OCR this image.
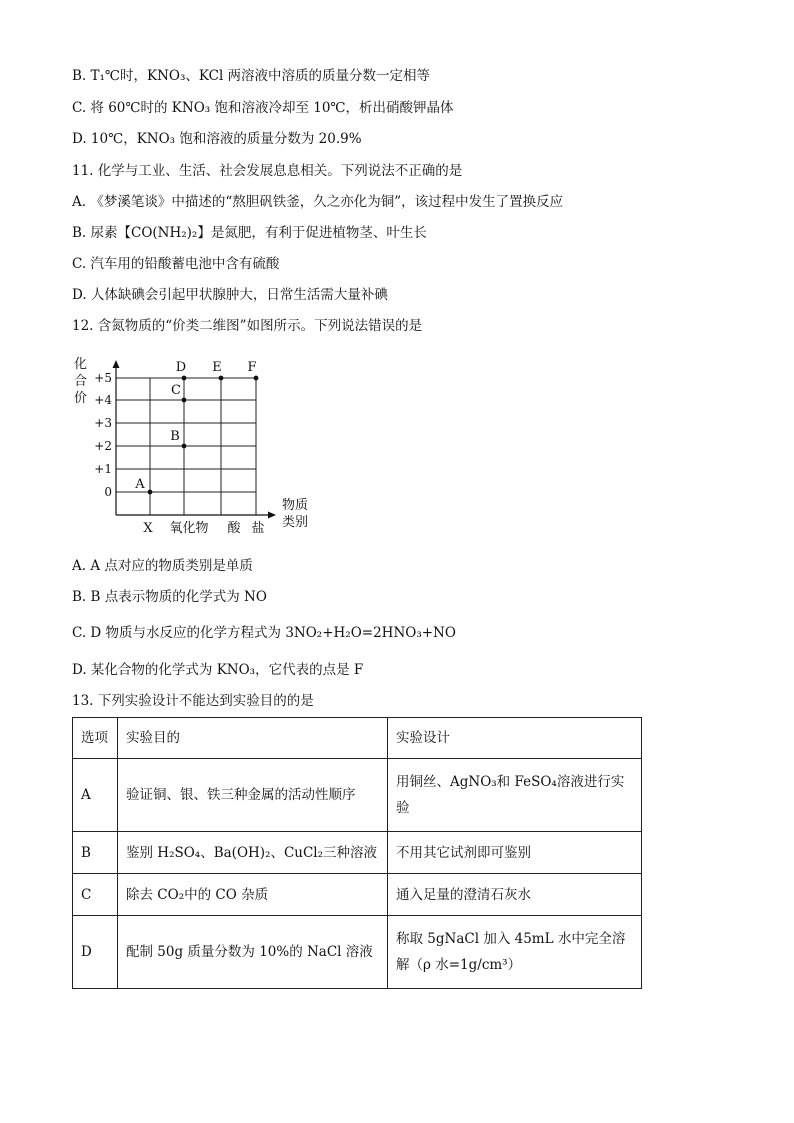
B. T₁℃时，KNO₃、KCl 两溶液中溶质的质量分数一定相等
C. 将 60℃时的 KNO₃ 饱和溶液冷却至 10℃，析出硝酸钾晶体
D. 10℃，KNO₃ 饱和溶液的质量分数为 20.9%
11. 化学与工业、生活、社会发展息息相关。下列说法不正确的是
A. 《梦溪笔谈》中描述的“熬胆矾铁釜，久之亦化为铜”，该过程中发生了置换反应
B. 尿素【CO(NH₂)₂】是氮肥，有利于促进植物茎、叶生长
C. 汽车用的铅酸蓄电池中含有硫酸
D. 人体缺碘会引起甲状腺肿大，日常生活需大量补碘
12. 含氮物质的“价类二维图”如图所示。下列说法错误的是
化 合 价
0
+1
+2
+3
+4
+5
X 氧化物 酸 盐
物质 类别
A
B
C
D E F
A. A 点对应的物质类别是单质
B. B 点表示物质的化学式为 NO
C. D 物质与水反应的化学方程式为 3NO₂+H₂O=2HNO₃+NO
D. 某化合物的化学式为 KNO₃，它代表的点是 F
13. 下列实验设计不能达到实验目的的是
选项	实验目的	实验设计
A	验证铜、银、铁三种金属的活动性顺序	用铜丝、AgNO₃和 FeSO₄溶液进行实验
B	鉴别 H₂SO₄、Ba(OH)₂、CuCl₂三种溶液	不用其它试剂即可鉴别
C	除去 CO₂中的 CO 杂质	通入足量的澄清石灰水
D	配制 50g 质量分数为 10%的 NaCl 溶液	称取 5gNaCl 加入 45mL 水中完全溶解（ρ 水=1g/cm³）
